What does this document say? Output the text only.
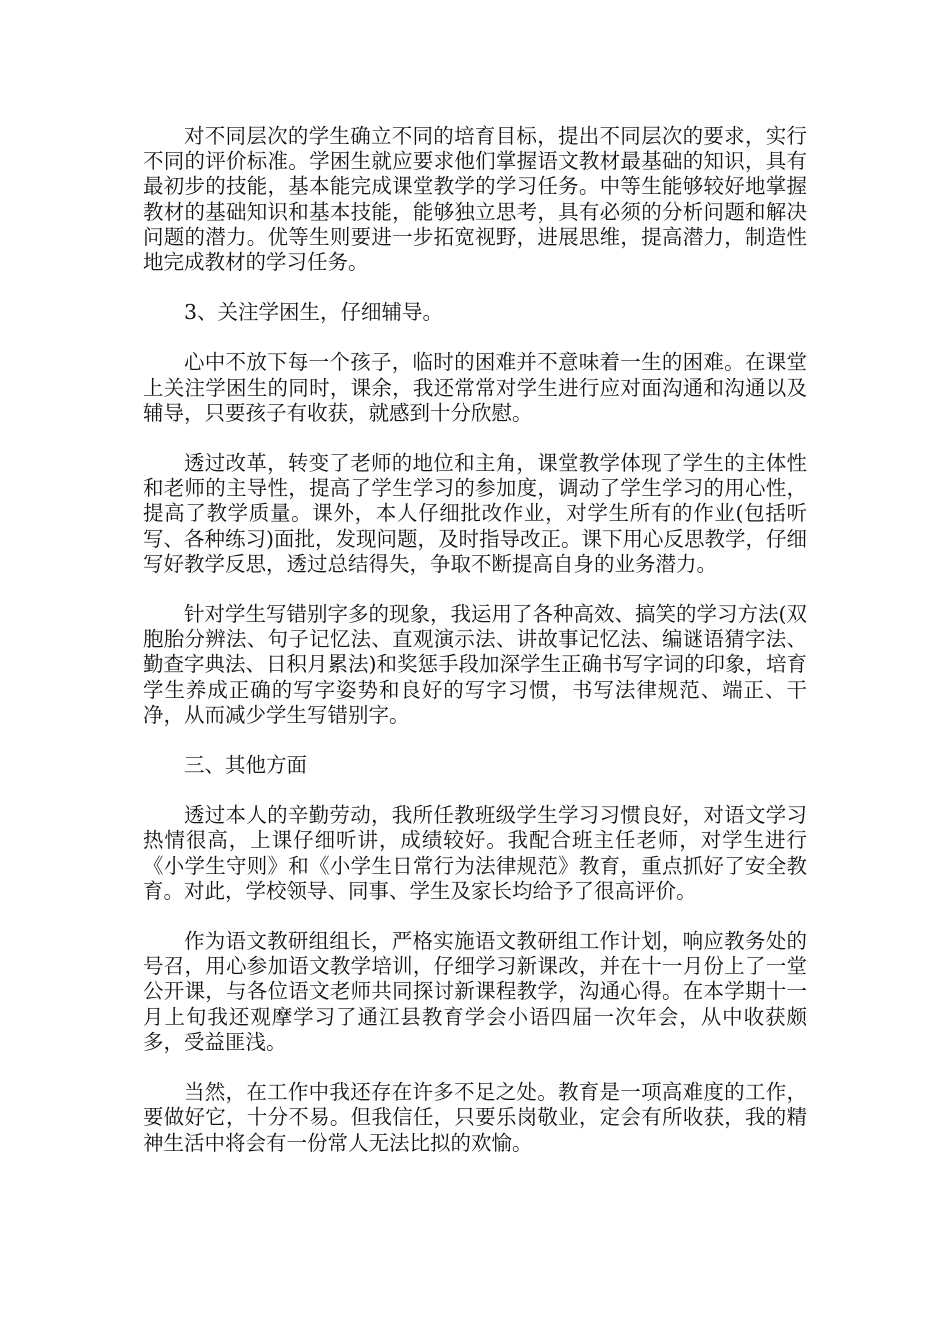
对不同层次的学生确立不同的培育目标，提出不同层次的要求，实行不同的评价标准。学困生就应要求他们掌握语文教材最基础的知识，具有最初步的技能，基本能完成课堂教学的学习任务。中等生能够较好地掌握教材的基础知识和基本技能，能够独立思考，具有必须的分析问题和解决问题的潜力。优等生则要进一步拓宽视野，进展思维，提高潜力，制造性地完成教材的学习任务。

3、关注学困生，仔细辅导。

心中不放下每一个孩子，临时的困难并不意味着一生的困难。在课堂上关注学困生的同时，课余，我还常常对学生进行应对面沟通和沟通以及辅导，只要孩子有收获，就感到十分欣慰。

透过改革，转变了老师的地位和主角，课堂教学体现了学生的主体性和老师的主导性，提高了学生学习的参加度，调动了学生学习的用心性，提高了教学质量。课外，本人仔细批改作业，对学生所有的作业(包括听写、各种练习)面批，发现问题，及时指导改正。课下用心反思教学，仔细写好教学反思，透过总结得失，争取不断提高自身的业务潜力。

针对学生写错别字多的现象，我运用了各种高效、搞笑的学习方法(双胞胎分辨法、句子记忆法、直观演示法、讲故事记忆法、编谜语猜字法、勤查字典法、日积月累法)和奖惩手段加深学生正确书写字词的印象，培育学生养成正确的写字姿势和良好的写字习惯，书写法律规范、端正、干净，从而减少学生写错别字。

三、其他方面

透过本人的辛勤劳动，我所任教班级学生学习习惯良好，对语文学习热情很高，上课仔细听讲，成绩较好。我配合班主任老师，对学生进行《小学生守则》和《小学生日常行为法律规范》教育，重点抓好了安全教育。对此，学校领导、同事、学生及家长均给予了很高评价。

作为语文教研组组长，严格实施语文教研组工作计划，响应教务处的号召，用心参加语文教学培训，仔细学习新课改，并在十一月份上了一堂公开课，与各位语文老师共同探讨新课程教学，沟通心得。在本学期十一月上旬我还观摩学习了通江县教育学会小语四届一次年会，从中收获颇多，受益匪浅。

当然，在工作中我还存在许多不足之处。教育是一项高难度的工作，要做好它，十分不易。但我信任，只要乐岗敬业，定会有所收获，我的精神生活中将会有一份常人无法比拟的欢愉。
